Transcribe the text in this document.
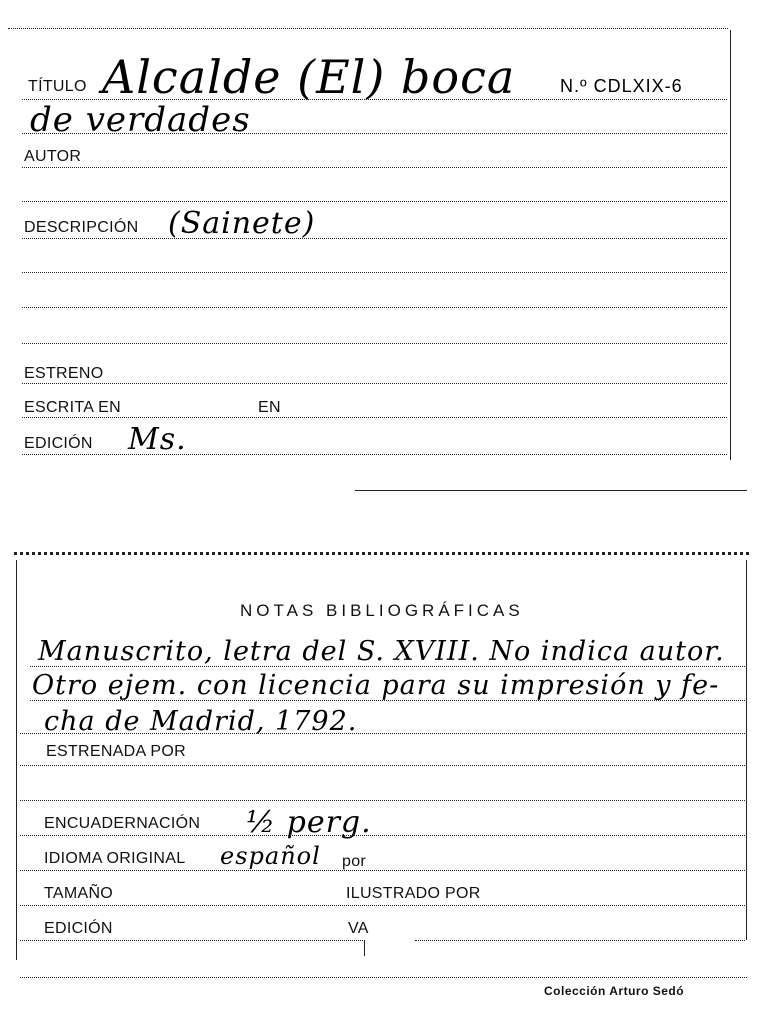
TÍTULO Alcalde (El) boca N.º CDLXIX-6
de verdades
AUTOR
DESCRIPCIÓN (Sainete)
ESTRENO
ESCRITA EN	EN
EDICIÓN Ms.
NOTAS BIBLIOGRÁFICAS
Manuscrito, letra del S. XVIII. No indica autor.
Otro ejem. con licencia para su impresión y fe-
cha de Madrid, 1792.
ESTRENADA POR
ENCUADERNACIÓN ½ perg.
IDIOMA ORIGINAL español por
TAMAÑO	ILUSTRADO POR
EDICIÓN	VA
Colección Arturo Sedó
